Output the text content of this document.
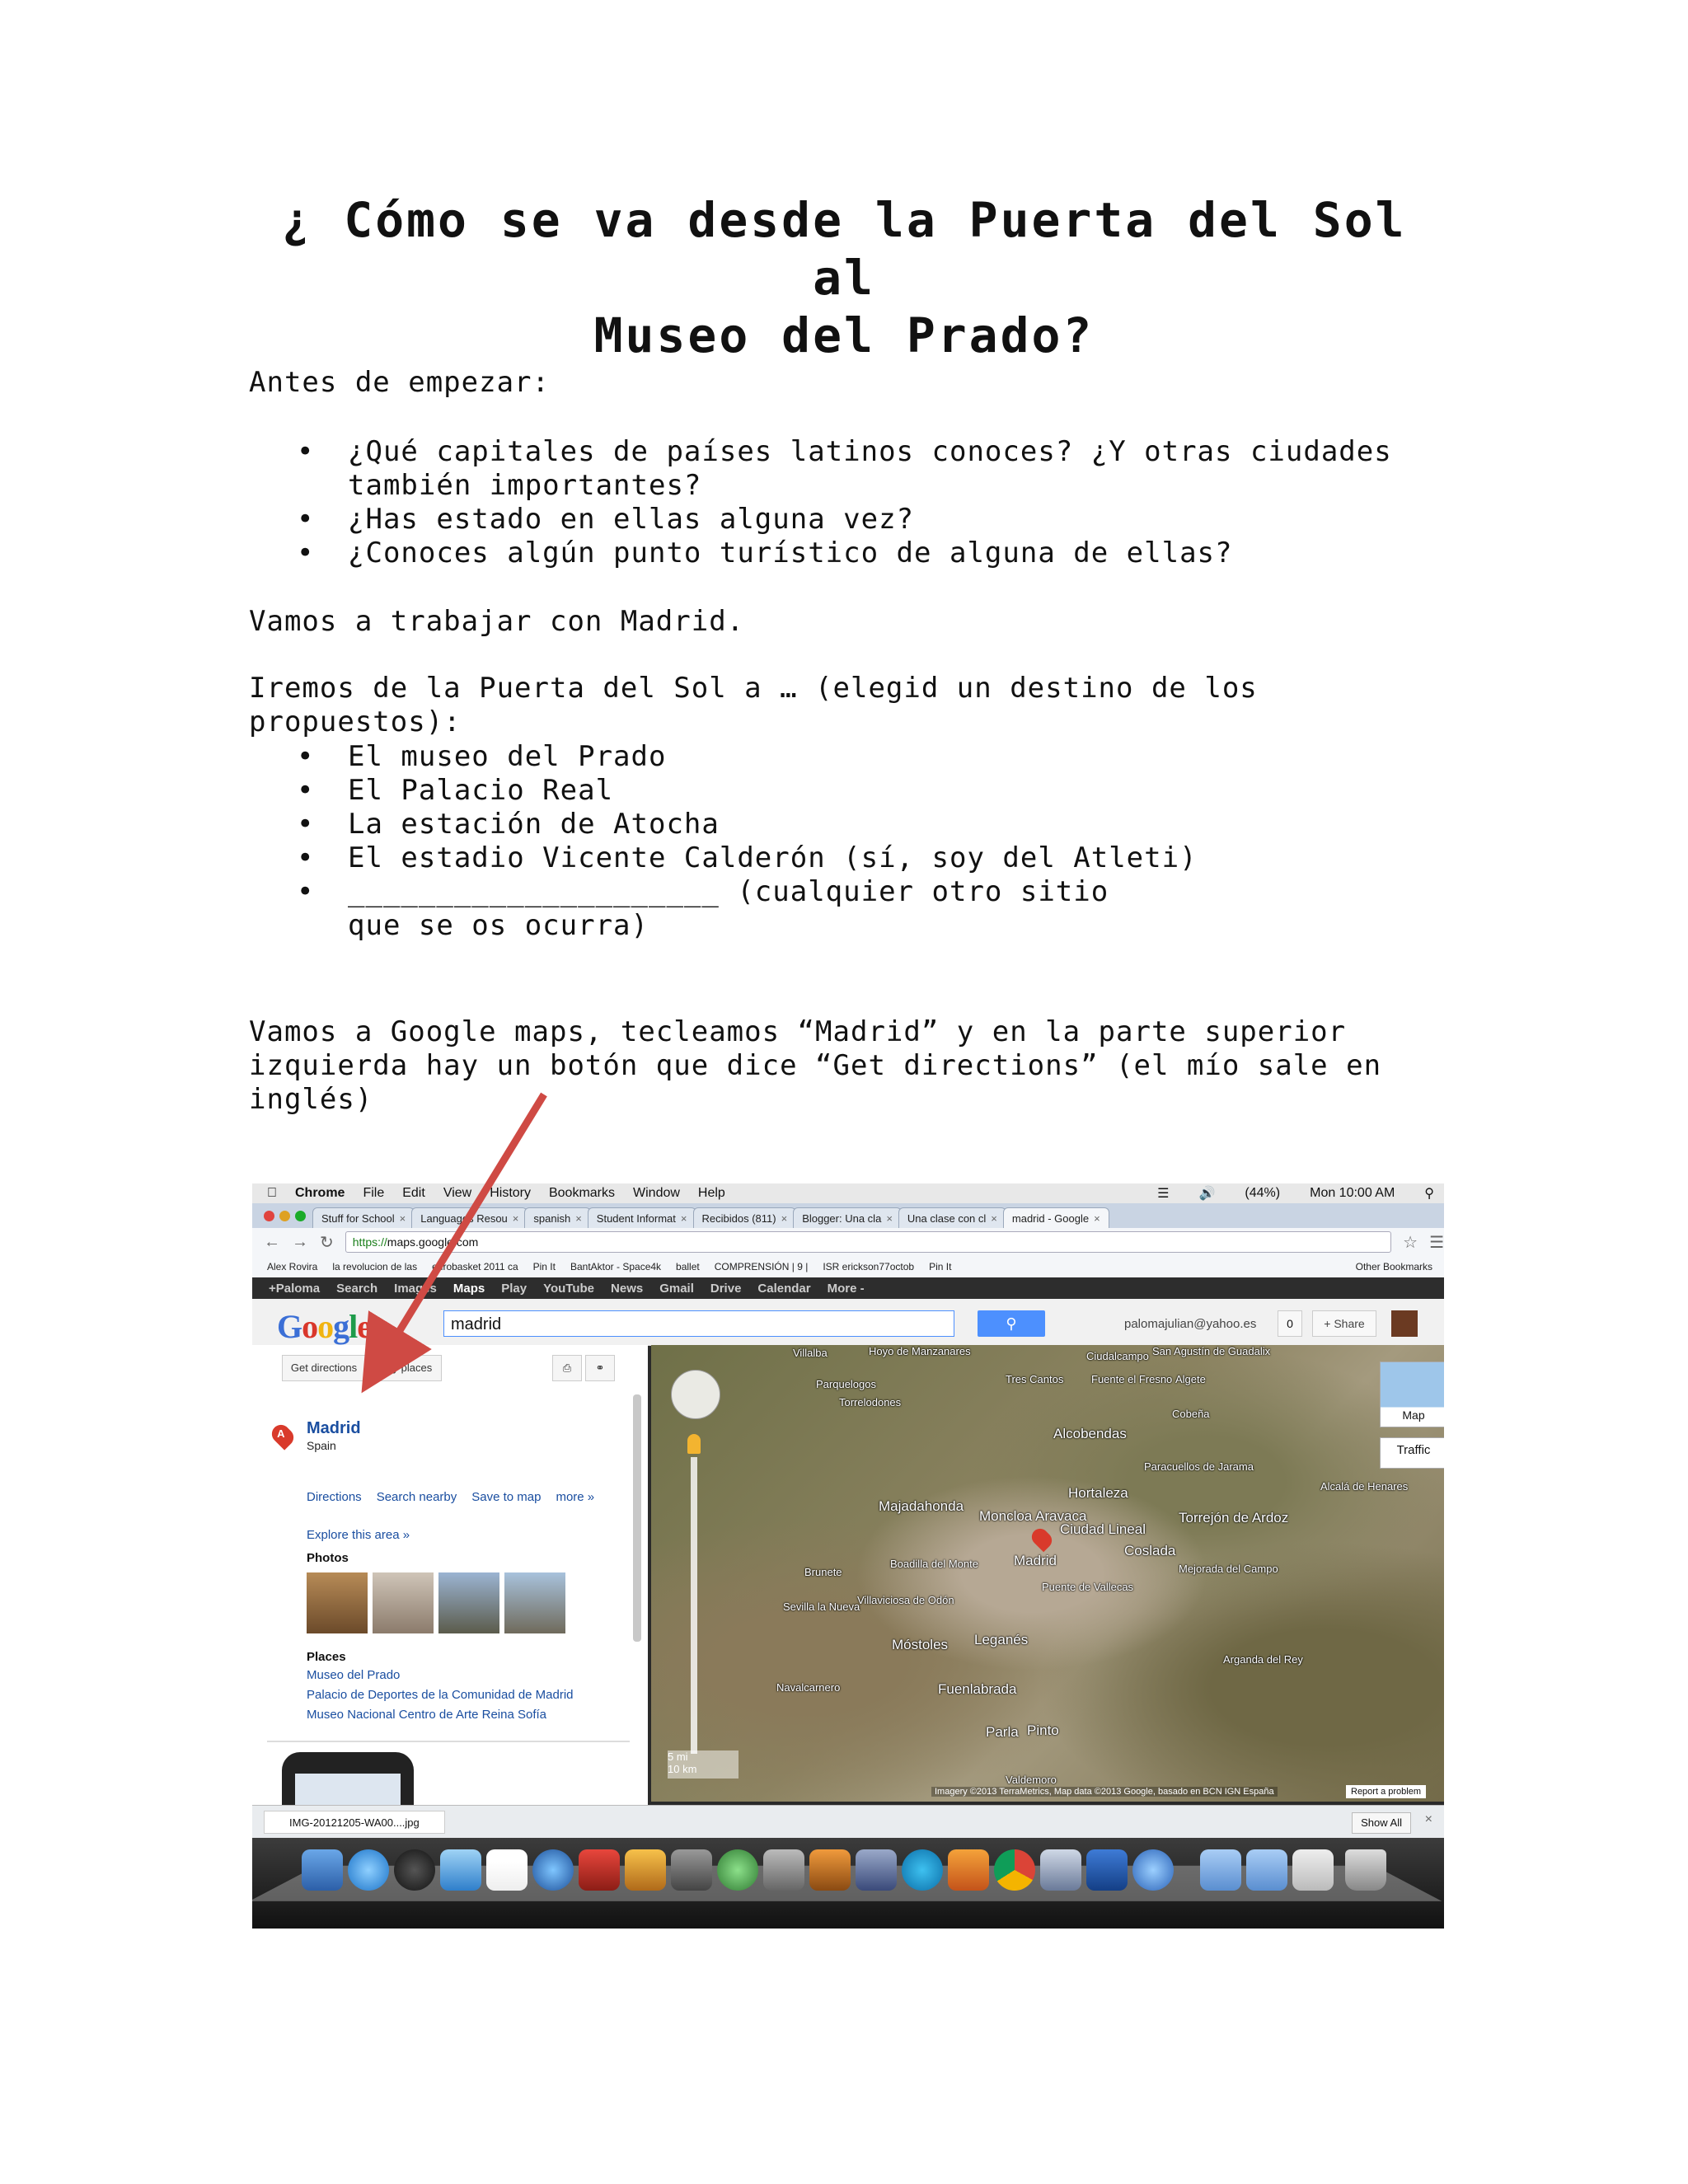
¿ Cómo se va desde la Puerta del Sol al
Museo del Prado?

Antes de empezar:

• ¿Qué capitales de países latinos conoces? ¿Y otras ciudades también importantes?
• ¿Has estado en ellas alguna vez?
• ¿Conoces algún punto turístico de alguna de ellas?

Vamos a trabajar con Madrid.

Iremos de la Puerta del Sol a … (elegid un destino de los propuestos):

• El museo del Prado
• El Palacio Real
• La estación de Atocha
• El estadio Vicente Calderón (sí, soy del Atleti)
• _____________________ (cualquier otro sitio que se os ocurra)

Vamos a Google maps, tecleamos “Madrid” y en la parte superior izquierda hay un botón que dice “Get directions” (el mío sale en inglés)

Chrome File Edit View History Bookmarks Window Help	☰ 🔊 (44%) Mon 10:00 AM ⚲
Stuff for School × Languages Resou × spanish × Student Informat × Recibidos (811) × Blogger: Una cla × Una clase con cl × madrid - Google ×
← → ↻ https:// maps.google.com	☆ ☰
Alex Rovira la revolucion de las eurobasket 2011 ca Pin It BantAktor - Space4k ballet COMPRENSIÓN | 9 | ISR erickson77octob Pin It	Other Bookmarks
+Paloma Search Images Maps Play YouTube News Gmail Drive Calendar More -
Google	madrid	⚲	palomajulian@yahoo.es	0	+ Share
Get directions	My places	⎙	⚭
A	Madrid
Spain
Directions Search nearby Save to map more »
Explore this area »
Photos
Places
Museo del Prado
Palacio de Deportes de la Comunidad de Madrid
Museo Nacional Centro de Arte Reina Sofía
Map
Traffic
Villalba	Hoyo de Manzanares	Ciudalcampo San Agustín de Guadalix
Parquelogos	Tres Cantos	Fuente el Fresno Algete
Torrelodones
Alcobendas
Cobeña
Majadahonda
Hortaleza
Paracuellos de Jarama
Alcalá de Henares
Moncloa Aravaca
Ciudad Lineal
Torrejón de Ardoz
Madrid
Coslada
Boadilla del Monte
Puente de Vallecas
Mejorada del Campo
Móstoles Leganés
Fuenlabrada
Valdemoro
Arganda del Rey
Parla Pinto
Navalcarnero
Villaviciosa de Odón
Brunete
Sevilla la Nueva
5 mi
10 km
Imagery ©2013 TerraMetrics, Map data ©2013 Google, basado en BCN IGN España	Report a problem
IMG-20121205-WA00....jpg	Show All	×
